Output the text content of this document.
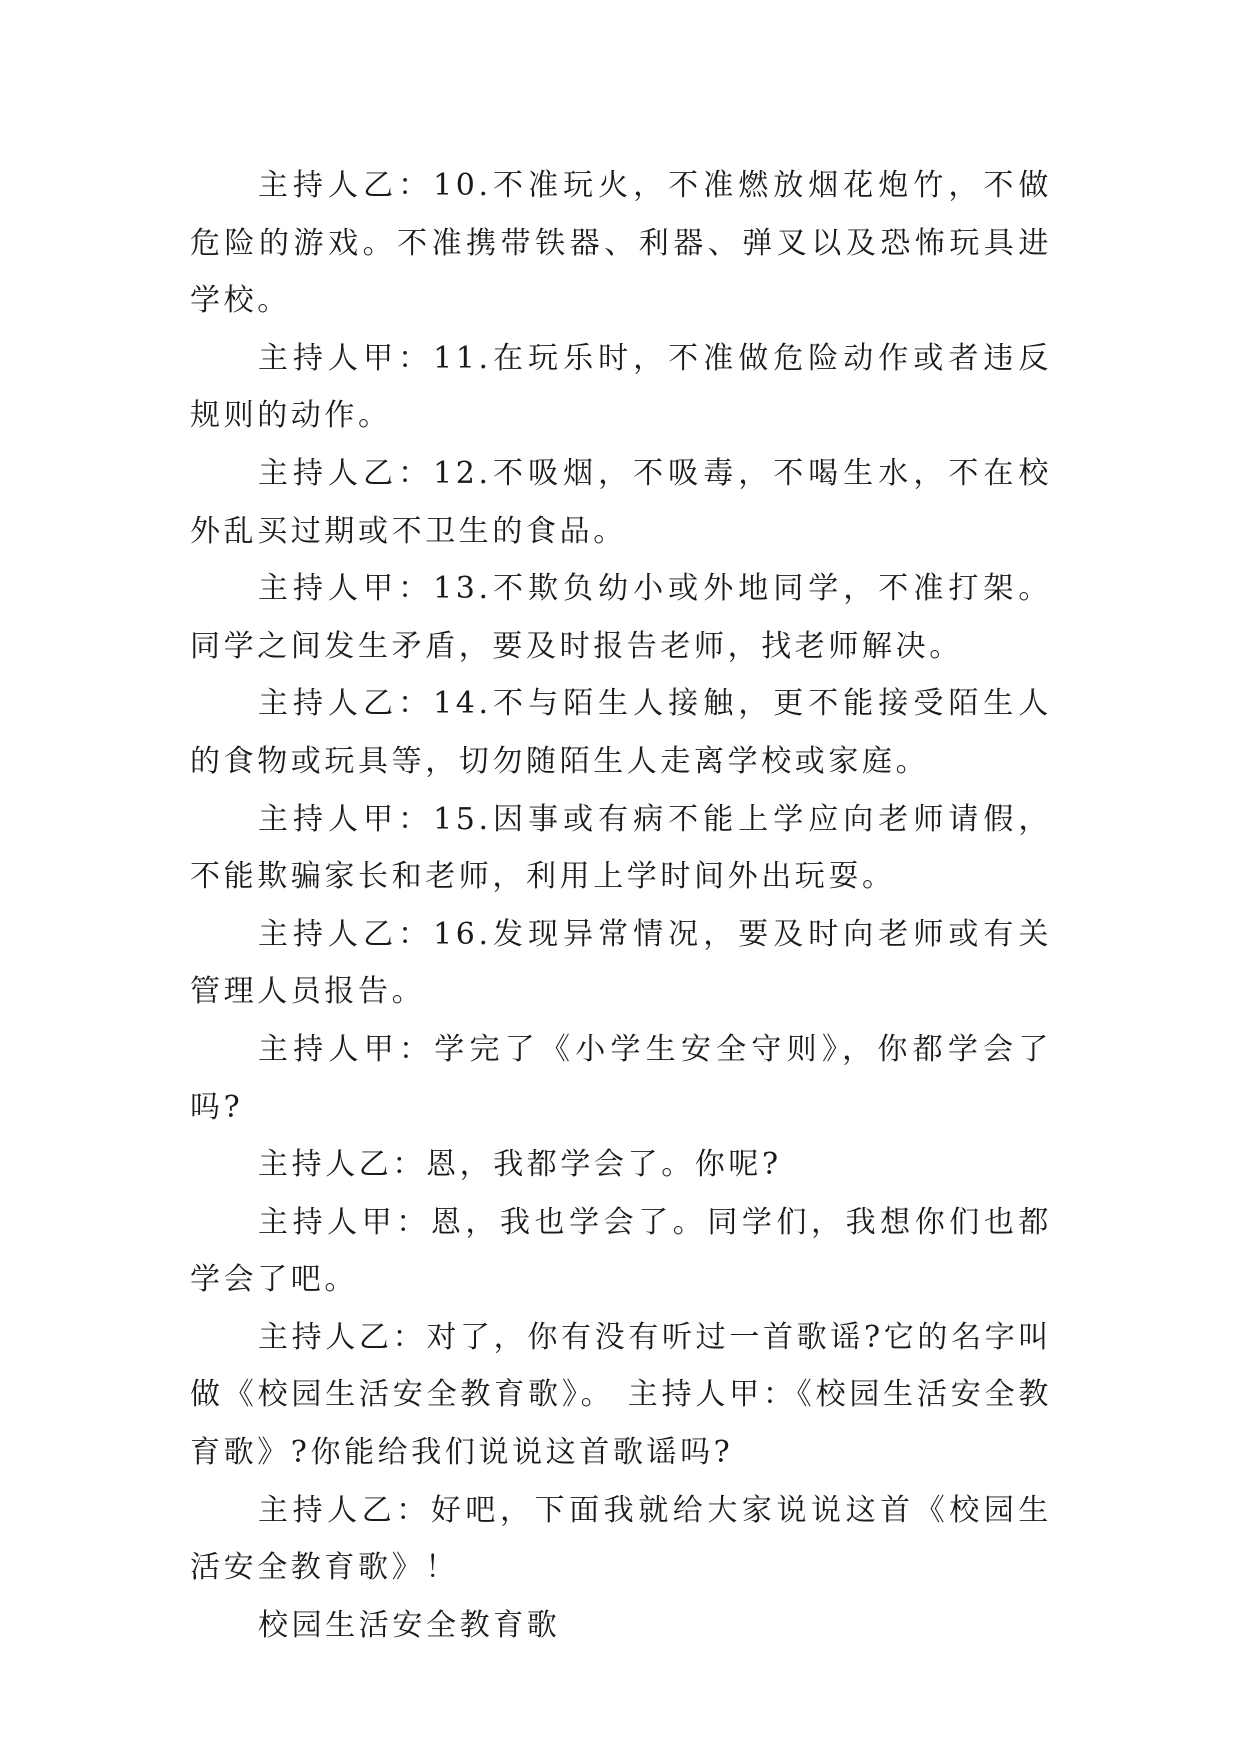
主持人乙：10.不准玩火，不准燃放烟花炮竹，不做危险的游戏。不准携带铁器、利器、弹叉以及恐怖玩具进学校。

主持人甲：11.在玩乐时，不准做危险动作或者违反规则的动作。

主持人乙：12.不吸烟，不吸毒，不喝生水，不在校外乱买过期或不卫生的食品。

主持人甲：13.不欺负幼小或外地同学，不准打架。同学之间发生矛盾，要及时报告老师，找老师解决。

主持人乙：14.不与陌生人接触，更不能接受陌生人的食物或玩具等，切勿随陌生人走离学校或家庭。

主持人甲：15.因事或有病不能上学应向老师请假，不能欺骗家长和老师，利用上学时间外出玩耍。

主持人乙：16.发现异常情况，要及时向老师或有关管理人员报告。

主持人甲：学完了《小学生安全守则》，你都学会了吗?

主持人乙：恩，我都学会了。你呢?

主持人甲：恩，我也学会了。同学们，我想你们也都学会了吧。

主持人乙：对了，你有没有听过一首歌谣?它的名字叫做《校园生活安全教育歌》。 主持人甲：《校园生活安全教育歌》?你能给我们说说这首歌谣吗?

主持人乙：好吧，下面我就给大家说说这首《校园生活安全教育歌》！

校园生活安全教育歌
